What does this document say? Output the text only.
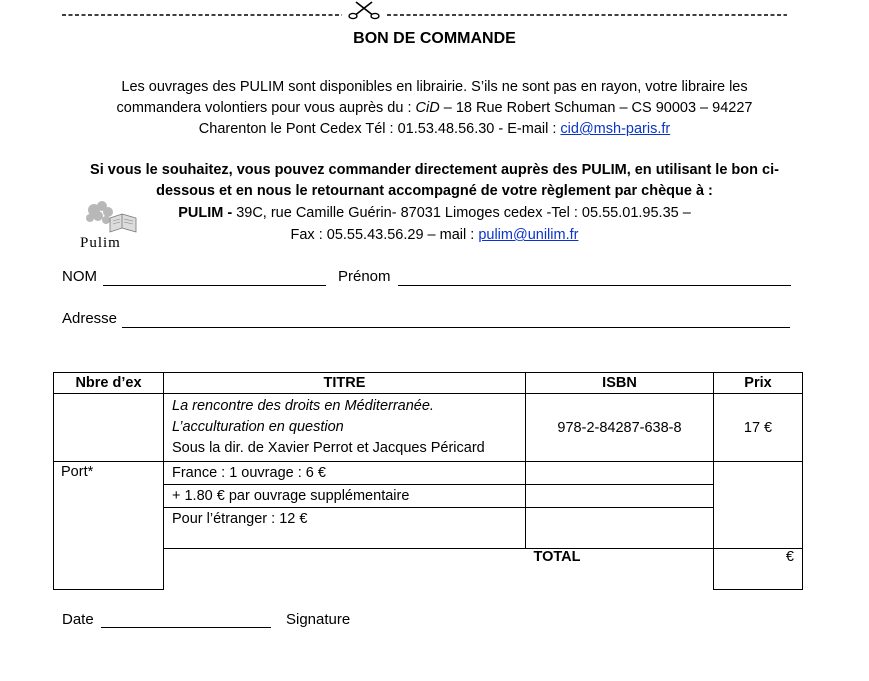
BON DE COMMANDE
Les ouvrages des PULIM sont disponibles en librairie. S’ils ne sont pas en rayon, votre libraire les
commandera volontiers pour vous auprès du : CiD – 18 Rue Robert Schuman – CS 90003 – 94227
Charenton le Pont Cedex Tél : 01.53.48.56.30 - E-mail : cid@msh-paris.fr
Si vous le souhaitez, vous pouvez commander directement auprès des PULIM, en utilisant le bon ci-
dessous et en nous le retournant accompagné de votre règlement par chèque à :
PULIM - 39C, rue Camille Guérin- 87031 Limoges cedex -Tel : 05.55.01.95.35 –
Fax : 05.55.43.56.29 – mail : pulim@unilim.fr
Pulim
NOM	Prénom
Adresse
Nbre d’ex	TITRE	ISBN	Prix

	La rencontre des droits en Méditerranée.
L’acculturation en question
Sous la dir. de Xavier Perrot et Jacques Péricard	978-2-84287-638-8	17 €
Port*	France : 1 ouvrage : 6 €		
	+ 1.80 € par ouvrage supplémentaire		
	Pour l’étranger : 12 €		
		TOTAL	€
Date	Signature
